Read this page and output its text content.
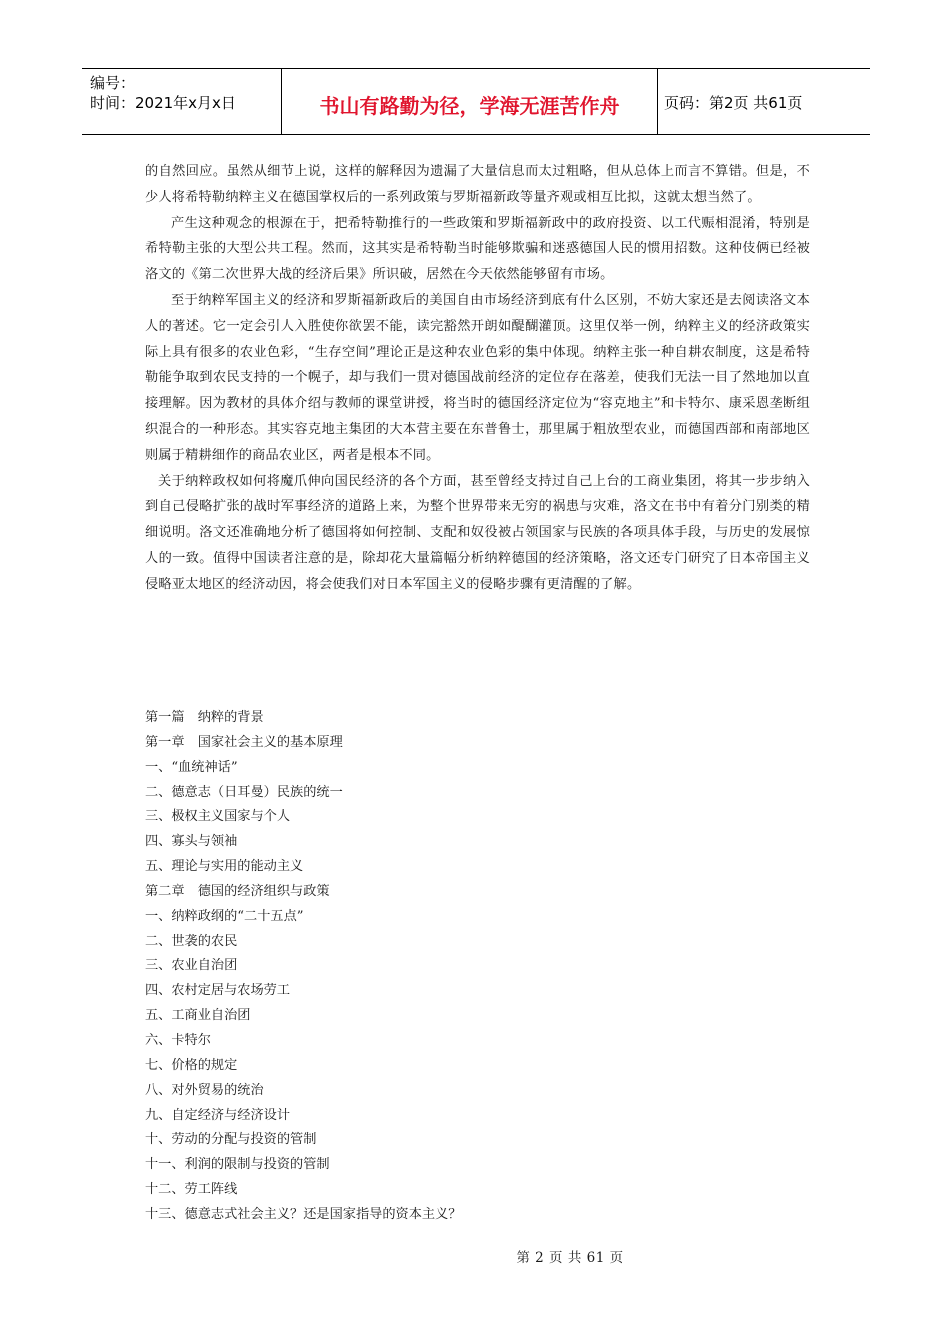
编号：
时间：2021年x月x日	书山有路勤为径，学海无涯苦作舟	页码：第2页 共61页

的自然回应。虽然从细节上说，这样的解释因为遗漏了大量信息而太过粗略，但从总体上而言不算错。但是，不少人将希特勒纳粹主义在德国掌权后的一系列政策与罗斯福新政等量齐观或相互比拟，这就太想当然了。

产生这种观念的根源在于，把希特勒推行的一些政策和罗斯福新政中的政府投资、以工代赈相混淆，特别是希特勒主张的大型公共工程。然而，这其实是希特勒当时能够欺骗和迷惑德国人民的惯用招数。这种伎俩已经被洛文的《第二次世界大战的经济后果》所识破，居然在今天依然能够留有市场。

至于纳粹军国主义的经济和罗斯福新政后的美国自由市场经济到底有什么区别，不妨大家还是去阅读洛文本人的著述。它一定会引人入胜使你欲罢不能，读完豁然开朗如醍醐灌顶。这里仅举一例，纳粹主义的经济政策实际上具有很多的农业色彩，“生存空间”理论正是这种农业色彩的集中体现。纳粹主张一种自耕农制度，这是希特勒能争取到农民支持的一个幌子，却与我们一贯对德国战前经济的定位存在落差，使我们无法一目了然地加以直接理解。因为教材的具体介绍与教师的课堂讲授，将当时的德国经济定位为“容克地主”和卡特尔、康采恩垄断组织混合的一种形态。其实容克地主集团的大本营主要在东普鲁士，那里属于粗放型农业，而德国西部和南部地区则属于精耕细作的商品农业区，两者是根本不同。

关于纳粹政权如何将魔爪伸向国民经济的各个方面，甚至曾经支持过自己上台的工商业集团，将其一步步纳入到自己侵略扩张的战时军事经济的道路上来，为整个世界带来无穷的祸患与灾难，洛文在书中有着分门别类的精细说明。洛文还准确地分析了德国将如何控制、支配和奴役被占领国家与民族的各项具体手段，与历史的发展惊人的一致。值得中国读者注意的是，除却花大量篇幅分析纳粹德国的经济策略，洛文还专门研究了日本帝国主义侵略亚太地区的经济动因，将会使我们对日本军国主义的侵略步骤有更清醒的了解。

第一篇　纳粹的背景
第一章　国家社会主义的基本原理
一、“血统神话”
二、德意志（日耳曼）民族的统一
三、极权主义国家与个人
四、寡头与领袖
五、理论与实用的能动主义
第二章　德国的经济组织与政策
一、纳粹政纲的“二十五点”
二、世袭的农民
三、农业自治团
四、农村定居与农场劳工
五、工商业自治团
六、卡特尔
七、价格的规定
八、对外贸易的统治
九、自定经济与经济设计
十、劳动的分配与投资的管制
十一、利润的限制与投资的管制
十二、劳工阵线
十三、德意志式社会主义？还是国家指导的资本主义？
第 2 页 共 61 页
